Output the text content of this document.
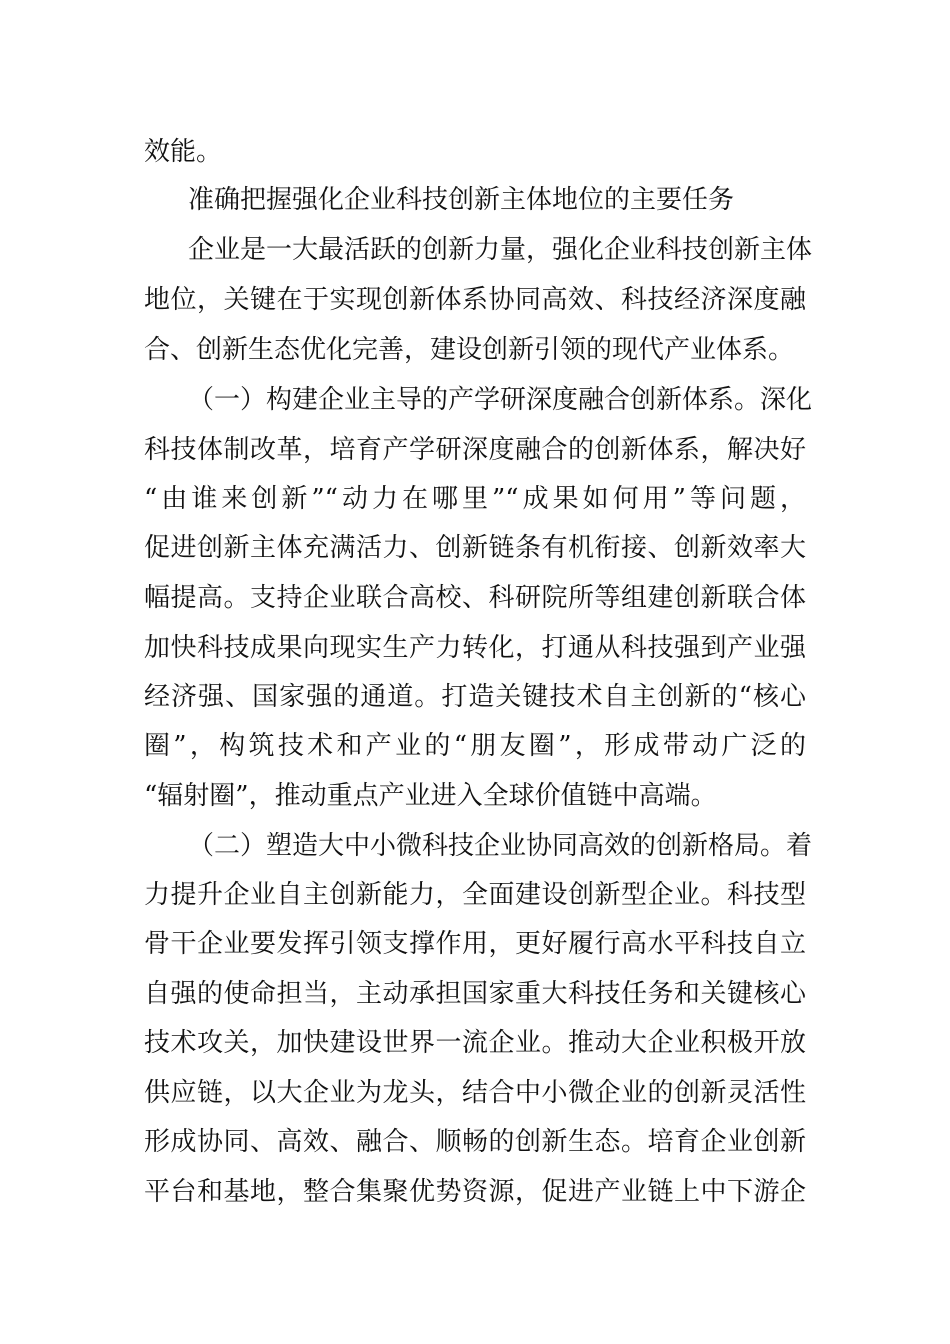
效能。
准确把握强化企业科技创新主体地位的主要任务
企业是一大最活跃的创新力量，强化企业科技创新主体
地位，关键在于实现创新体系协同高效、科技经济深度融
合、创新生态优化完善，建设创新引领的现代产业体系。
（一）构建企业主导的产学研深度融合创新体系。深化
科技体制改革，培育产学研深度融合的创新体系，解决好
“由谁来创新”“动力在哪里”“成果如何用”等问题，
促进创新主体充满活力、创新链条有机衔接、创新效率大
幅提高。支持企业联合高校、科研院所等组建创新联合体
加快科技成果向现实生产力转化，打通从科技强到产业强
经济强、国家强的通道。打造关键技术自主创新的“核心
圈”，构筑技术和产业的“朋友圈”，形成带动广泛的
“辐射圈”，推动重点产业进入全球价值链中高端。
（二）塑造大中小微科技企业协同高效的创新格局。着
力提升企业自主创新能力，全面建设创新型企业。科技型
骨干企业要发挥引领支撑作用，更好履行高水平科技自立
自强的使命担当，主动承担国家重大科技任务和关键核心
技术攻关，加快建设世界一流企业。推动大企业积极开放
供应链，以大企业为龙头，结合中小微企业的创新灵活性
形成协同、高效、融合、顺畅的创新生态。培育企业创新
平台和基地，整合集聚优势资源，促进产业链上中下游企
